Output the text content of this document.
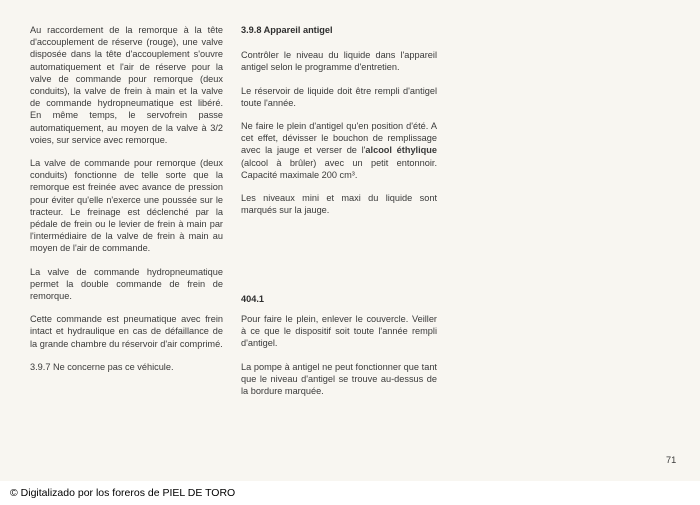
Au raccordement de la remorque à la tête d'accouplement de réserve (rouge), une valve disposée dans la tête d'accouplement s'ouvre automatiquement et l'air de réserve pour la valve de commande pour remorque (deux conduits), la valve de frein à main et la valve de commande hydropneumatique est libéré. En même temps, le servofrein passe automatiquement, au moyen de la valve à 3/2 voies, sur service avec remorque.

La valve de commande pour remorque (deux conduits) fonctionne de telle sorte que la remorque est freinée avec avance de pression pour éviter qu'elle n'exerce une poussée sur le tracteur. Le freinage est déclenché par la pédale de frein ou le levier de frein à main par l'intermédiaire de la valve de frein à main au moyen de l'air de commande.

La valve de commande hydropneumatique permet la double commande de frein de remorque.

Cette commande est pneumatique avec frein intact et hydraulique en cas de défaillance de la grande chambre du réservoir d'air comprimé.

3.9.7 Ne concerne pas ce véhicule.

3.9.8 Appareil antigel

Contrôler le niveau du liquide dans l'appareil antigel selon le programme d'entretien.

Le réservoir de liquide doit être rempli d'antigel toute l'année.

Ne faire le plein d'antigel qu'en position d'été. A cet effet, dévisser le bouchon de remplissage avec la jauge et verser de l'alcool éthylique (alcool à brûler) avec un petit entonnoir. Capacité maximale 200 cm³.

Les niveaux mini et maxi du liquide sont marqués sur la jauge.

404.1

Pour faire le plein, enlever le couvercle. Veiller à ce que le dispositif soit toute l'année rempli d'antigel.

La pompe à antigel ne peut fonctionner que tant que le niveau d'antigel se trouve au-dessus de la bordure marquée.

71
© Digitalizado por los foreros de PIEL DE TORO
